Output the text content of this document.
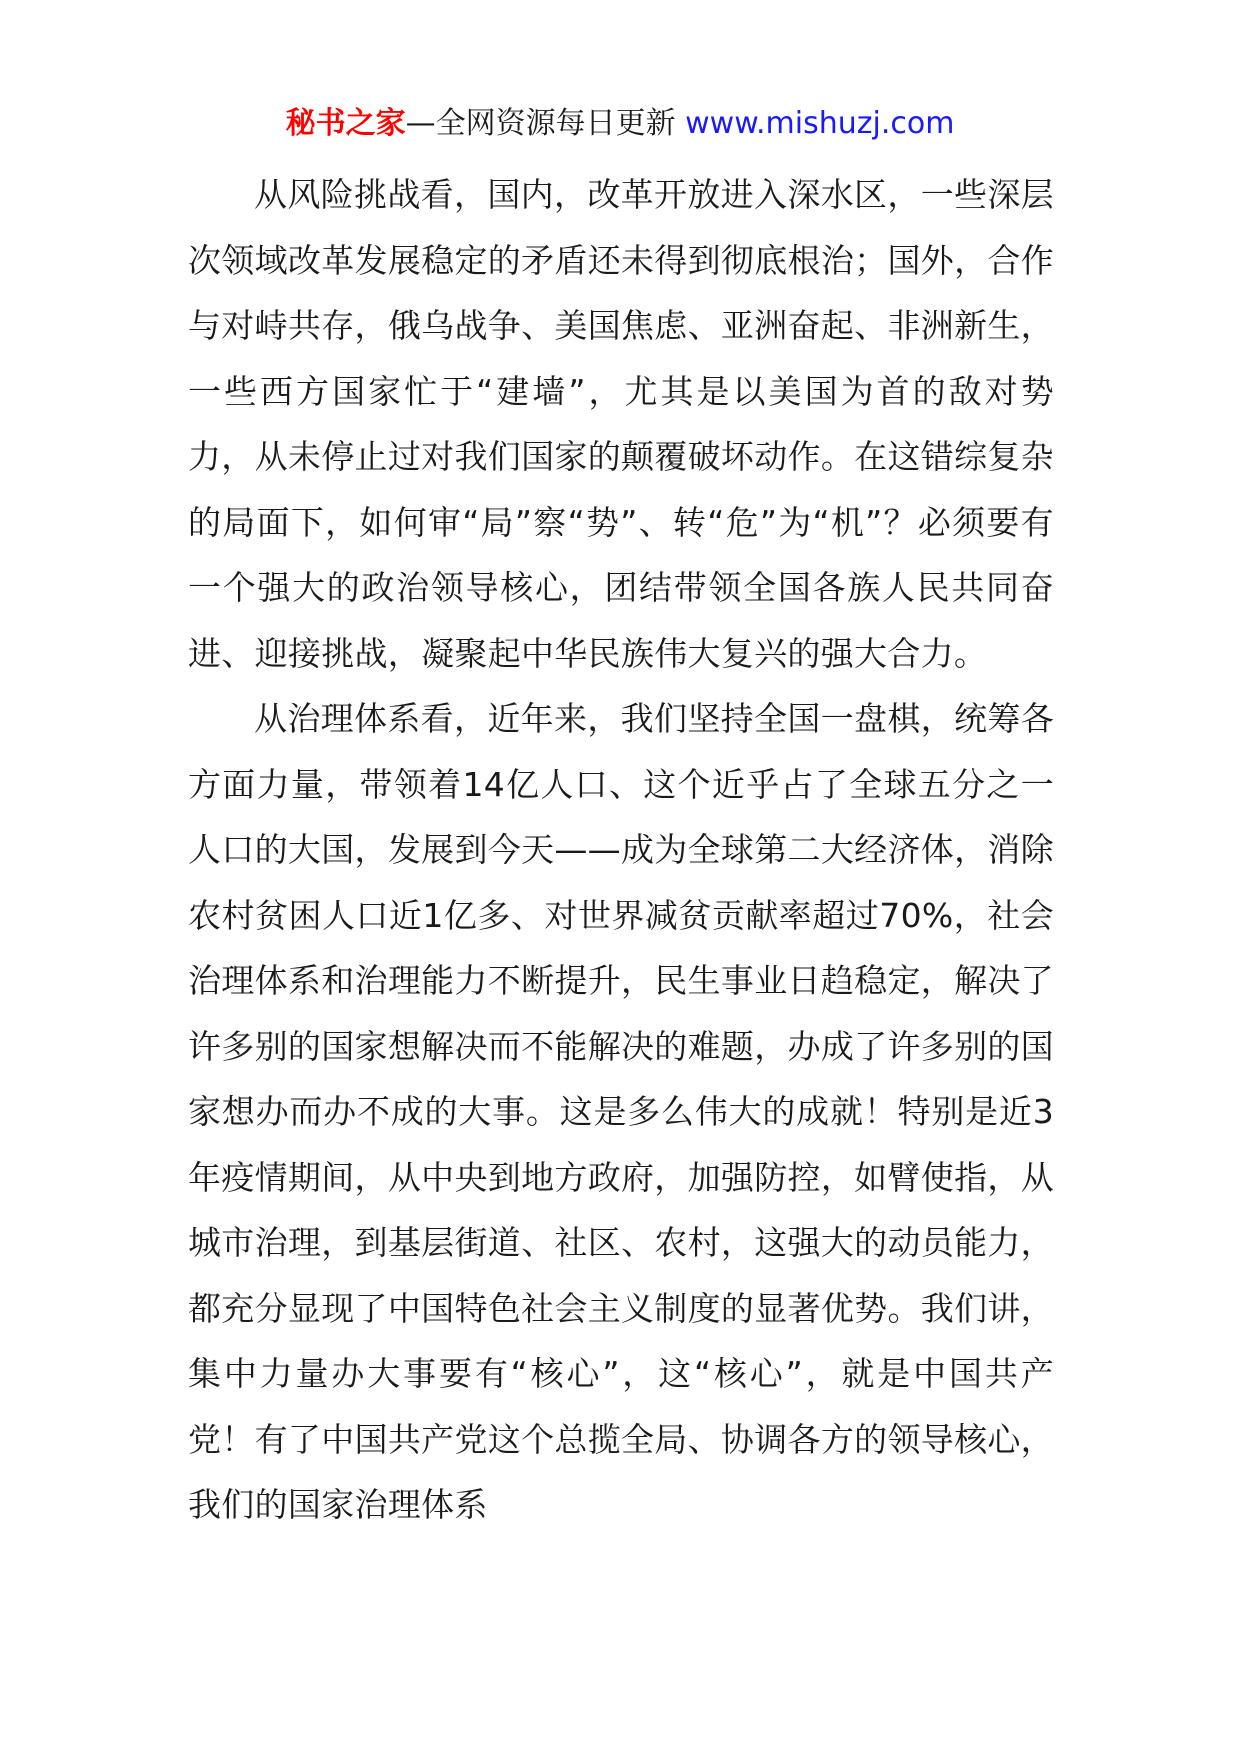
秘书之家—全网资源每日更新 www.mishuzj.com

从风险挑战看，国内，改革开放进入深水区，一些深层次领域改革发展稳定的矛盾还未得到彻底根治；国外，合作与对峙共存，俄乌战争、美国焦虑、亚洲奋起、非洲新生，一些西方国家忙于“建墙”，尤其是以美国为首的敌对势力，从未停止过对我们国家的颠覆破坏动作。在这错综复杂的局面下，如何审“局”察“势”、转“危”为“机”？必须要有一个强大的政治领导核心，团结带领全国各族人民共同奋进、迎接挑战，凝聚起中华民族伟大复兴的强大合力。

从治理体系看，近年来，我们坚持全国一盘棋，统筹各方面力量，带领着14亿人口、这个近乎占了全球五分之一人口的大国，发展到今天——成为全球第二大经济体，消除农村贫困人口近1亿多、对世界减贫贡献率超过70%，社会治理体系和治理能力不断提升，民生事业日趋稳定，解决了许多别的国家想解决而不能解决的难题，办成了许多别的国家想办而办不成的大事。这是多么伟大的成就！特别是近3年疫情期间，从中央到地方政府，加强防控，如臂使指，从城市治理，到基层街道、社区、农村，这强大的动员能力，都充分显现了中国特色社会主义制度的显著优势。我们讲，集中力量办大事要有“核心”，这“核心”，就是中国共产党！有了中国共产党这个总揽全局、协调各方的领导核心，我们的国家治理体系
